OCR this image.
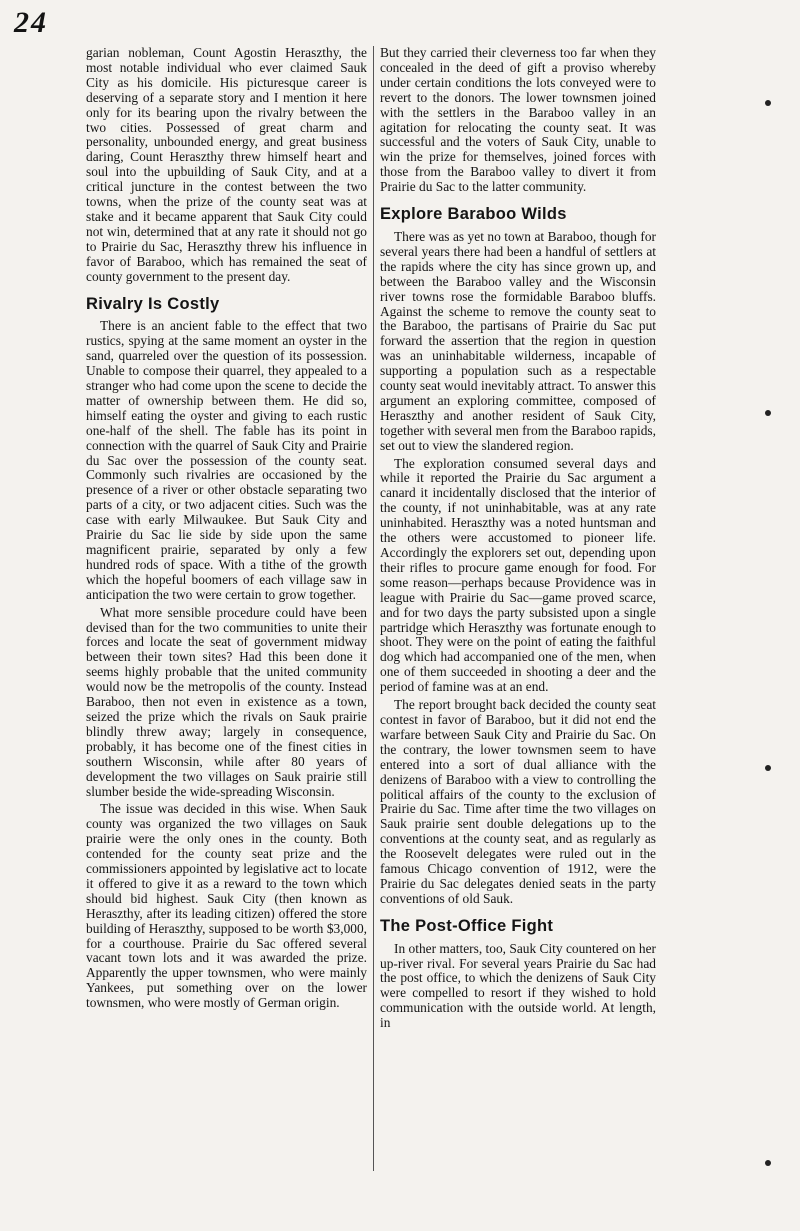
24

garian nobleman, Count Agostin Heraszthy, the most notable individual who ever claimed Sauk City as his domicile. His picturesque career is deserving of a separate story and I mention it here only for its bearing upon the rivalry between the two cities. Possessed of great charm and personality, unbounded energy, and great business daring, Count Heraszthy threw himself heart and soul into the upbuilding of Sauk City, and at a critical juncture in the contest between the two towns, when the prize of the county seat was at stake and it became apparent that Sauk City could not win, determined that at any rate it should not go to Prairie du Sac, Heraszthy threw his influence in favor of Baraboo, which has remained the seat of county government to the present day.

Rivalry Is Costly

There is an ancient fable to the effect that two rustics, spying at the same moment an oyster in the sand, quarreled over the question of its possession. Unable to compose their quarrel, they appealed to a stranger who had come upon the scene to decide the matter of ownership between them. He did so, himself eating the oyster and giving to each rustic one-half of the shell. The fable has its point in connection with the quarrel of Sauk City and Prairie du Sac over the possession of the county seat. Commonly such rivalries are occasioned by the presence of a river or other obstacle separating two parts of a city, or two adjacent cities. Such was the case with early Milwaukee. But Sauk City and Prairie du Sac lie side by side upon the same magnificent prairie, separated by only a few hundred rods of space. With a tithe of the growth which the hopeful boomers of each village saw in anticipation the two were certain to grow together.

What more sensible procedure could have been devised than for the two communities to unite their forces and locate the seat of government midway between their town sites? Had this been done it seems highly probable that the united community would now be the metropolis of the county. Instead Baraboo, then not even in existence as a town, seized the prize which the rivals on Sauk prairie blindly threw away; largely in consequence, probably, it has become one of the finest cities in southern Wisconsin, while after 80 years of development the two villages on Sauk prairie still slumber beside the wide-spreading Wisconsin.

The issue was decided in this wise. When Sauk county was organized the two villages on Sauk prairie were the only ones in the county. Both contended for the county seat prize and the commissioners appointed by legislative act to locate it offered to give it as a reward to the town which should bid highest. Sauk City (then known as Heraszthy, after its leading citizen) offered the store building of Heraszthy, supposed to be worth $3,000, for a courthouse. Prairie du Sac offered several vacant town lots and it was awarded the prize. Apparently the upper townsmen, who were mainly Yankees, put something over on the lower townsmen, who were mostly of German origin.

But they carried their cleverness too far when they concealed in the deed of gift a proviso whereby under certain conditions the lots conveyed were to revert to the donors. The lower townsmen joined with the settlers in the Baraboo valley in an agitation for relocating the county seat. It was successful and the voters of Sauk City, unable to win the prize for themselves, joined forces with those from the Baraboo valley to divert it from Prairie du Sac to the latter community.

Explore Baraboo Wilds

There was as yet no town at Baraboo, though for several years there had been a handful of settlers at the rapids where the city has since grown up, and between the Baraboo valley and the Wisconsin river towns rose the formidable Baraboo bluffs. Against the scheme to remove the county seat to the Baraboo, the partisans of Prairie du Sac put forward the assertion that the region in question was an uninhabitable wilderness, incapable of supporting a population such as a respectable county seat would inevitably attract. To answer this argument an exploring committee, composed of Heraszthy and another resident of Sauk City, together with several men from the Baraboo rapids, set out to view the slandered region.

The exploration consumed several days and while it reported the Prairie du Sac argument a canard it incidentally disclosed that the interior of the county, if not uninhabitable, was at any rate uninhabited. Heraszthy was a noted huntsman and the others were accustomed to pioneer life. Accordingly the explorers set out, depending upon their rifles to procure game enough for food. For some reason—perhaps because Providence was in league with Prairie du Sac—game proved scarce, and for two days the party subsisted upon a single partridge which Heraszthy was fortunate enough to shoot. They were on the point of eating the faithful dog which had accompanied one of the men, when one of them succeeded in shooting a deer and the period of famine was at an end.

The report brought back decided the county seat contest in favor of Baraboo, but it did not end the warfare between Sauk City and Prairie du Sac. On the contrary, the lower townsmen seem to have entered into a sort of dual alliance with the denizens of Baraboo with a view to controlling the political affairs of the county to the exclusion of Prairie du Sac. Time after time the two villages on Sauk prairie sent double delegations up to the conventions at the county seat, and as regularly as the Roosevelt delegates were ruled out in the famous Chicago convention of 1912, were the Prairie du Sac delegates denied seats in the party conventions of old Sauk.

The Post-Office Fight

In other matters, too, Sauk City countered on her up-river rival. For several years Prairie du Sac had the post office, to which the denizens of Sauk City were compelled to resort if they wished to hold communication with the outside world. At length, in
